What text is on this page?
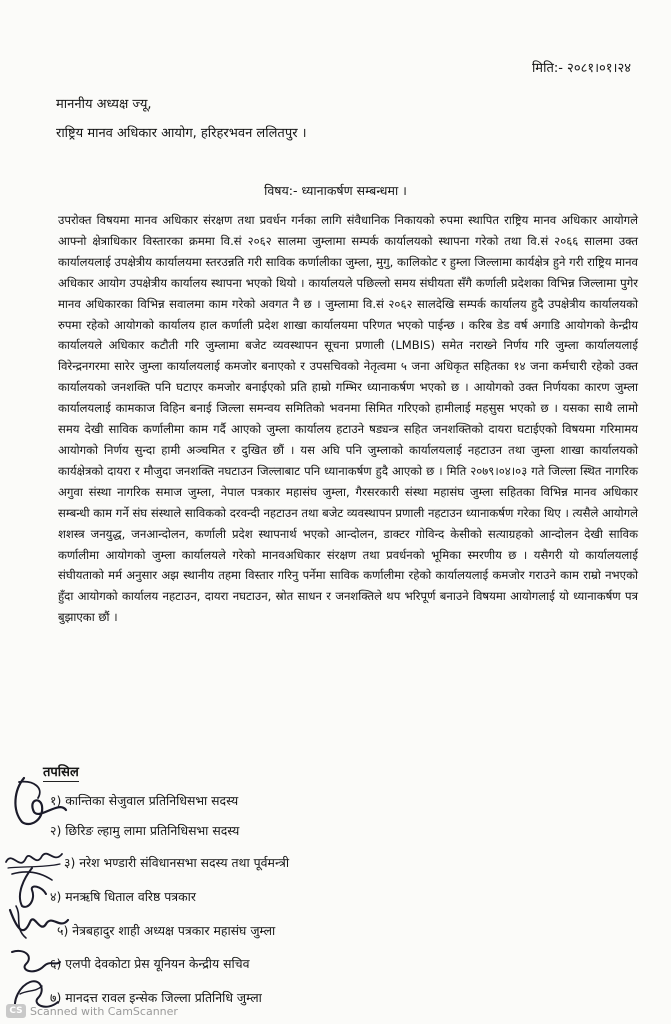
मिति:- २०८१।०१।२४
माननीय अध्यक्ष ज्यू,
राष्ट्रिय मानव अधिकार आयोग, हरिहरभवन ललितपुर ।
विषय:- ध्यानाकर्षण सम्बन्धमा ।
उपरोक्त विषयमा मानव अधिकार संरक्षण तथा प्रवर्धन गर्नका लागि संवैधानिक निकायको रुपमा स्थापित राष्ट्रिय मानव अधिकार आयोगले आफ्नो क्षेत्राधिकार विस्तारका क्रममा वि.सं २०६२ सालमा जुम्लामा सम्पर्क कार्यालयको स्थापना गरेको तथा वि.सं २०६६ सालमा उक्त कार्यालयलाई उपक्षेत्रीय कार्यालयमा स्तरउन्नति गरी साविक कर्णालीका जुम्ला, मुगु, कालिकोट र हुम्ला जिल्लामा कार्यक्षेत्र हुने गरी राष्ट्रिय मानव अधिकार आयोग उपक्षेत्रीय कार्यालय स्थापना भएको थियो । कार्यालयले पछिल्लो समय संघीयता सँगै कर्णाली प्रदेशका विभिन्न जिल्लामा पुगेर मानव अधिकारका विभिन्न सवालमा काम गरेको अवगत नै छ । जुम्लामा वि.सं २०६२ सालदेखि सम्पर्क कार्यालय हुदै उपक्षेत्रीय कार्यालयको रुपमा रहेको आयोगको कार्यालय हाल कर्णाली प्रदेश शाखा कार्यालयमा परिणत भएको पाईन्छ । करिब डेड वर्ष अगाडि आयोगको केन्द्रीय कार्यालयले अधिकार कटौती गरि जुम्लामा बजेट व्यवस्थापन सूचना प्रणाली (LMBIS) समेत नराख्ने निर्णय गरि जुम्ला कार्यालयलाई विरेन्द्रनगरमा सारेर जुम्ला कार्यालयलाई कमजोर बनाएको र उपसचिवको नेतृत्वमा ५ जना अधिकृत सहितका १४ जना कर्मचारी रहेको उक्त कार्यालयको जनशक्ति पनि घटाएर कमजोर बनाईएको प्रति हाम्रो गम्भिर ध्यानाकर्षण भएको छ । आयोगको उक्त निर्णयका कारण जुम्ला कार्यालयलाई कामकाज विहिन बनाई जिल्ला समन्वय समितिको भवनमा सिमित गरिएको हामीलाई महसुस भएको छ । यसका साथै लामो समय देखी साविक कर्णालीमा काम गर्दै आएको जुम्ला कार्यालय हटाउने षड्यन्त्र सहित जनशक्तिको दायरा घटाईएको विषयमा गरिमामय आयोगको निर्णय सुन्दा हामी अञ्चमित र दुखित छौं । यस अघि पनि जुम्लाको कार्यालयलाई नहटाउन तथा जुम्ला शाखा कार्यालयको कार्यक्षेत्रको दायरा र मौजुदा जनशक्ति नघटाउन जिल्लाबाट पनि ध्यानाकर्षण हुदै आएको छ । मिति २०७९।०४।०३ गते जिल्ला स्थित नागरिक अगुवा संस्था नागरिक समाज जुम्ला, नेपाल पत्रकार महासंघ जुम्ला, गैरसरकारी संस्था महासंघ जुम्ला सहितका विभिन्न मानव अधिकार सम्बन्धी काम गर्ने संघ संस्थाले साविकको दरवन्दी नहटाउन तथा बजेट व्यवस्थापन प्रणाली नहटाउन ध्यानाकर्षण गरेका थिए । त्यसैले आयोगले शशस्त्र जनयुद्ध, जनआन्दोलन, कर्णाली प्रदेश स्थापनार्थ भएको आन्दोलन, डाक्टर गोविन्द केसीको सत्याग्रहको आन्दोलन देखी साविक कर्णालीमा आयोगको जुम्ला कार्यालयले गरेको मानवअधिकार संरक्षण तथा प्रवर्धनको भूमिका स्मरणीय छ । यसैगरी यो कार्यालयलाई संघीयताको मर्म अनुसार अझ स्थानीय तहमा विस्तार गरिनु पर्नेमा साविक कर्णालीमा रहेको कार्यालयलाई कमजोर गराउने काम राम्रो नभएको हुँदा आयोगको कार्यालय नहटाउन, दायरा नघटाउन, स्रोत साधन र जनशक्तिले थप भरिपूर्ण बनाउने विषयमा आयोगलाई यो ध्यानाकर्षण पत्र बुझाएका छौं ।
तपसिल
१) कान्तिका सेजुवाल प्रतिनिधिसभा सदस्य
२) छिरिङ ल्हामु लामा प्रतिनिधिसभा सदस्य
३) नरेश भण्डारी संविधानसभा सदस्य तथा पूर्वमन्त्री
४) मनऋषि धिताल वरिष्ठ पत्रकार
५) नेत्रबहादुर शाही अध्यक्ष पत्रकार महासंघ जुम्ला
६) एलपी देवकोटा प्रेस यूनियन केन्द्रीय सचिव
७) मानदत्त रावल इन्सेक जिल्ला प्रतिनिधि जुम्ला
CS Scanned with CamScanner
